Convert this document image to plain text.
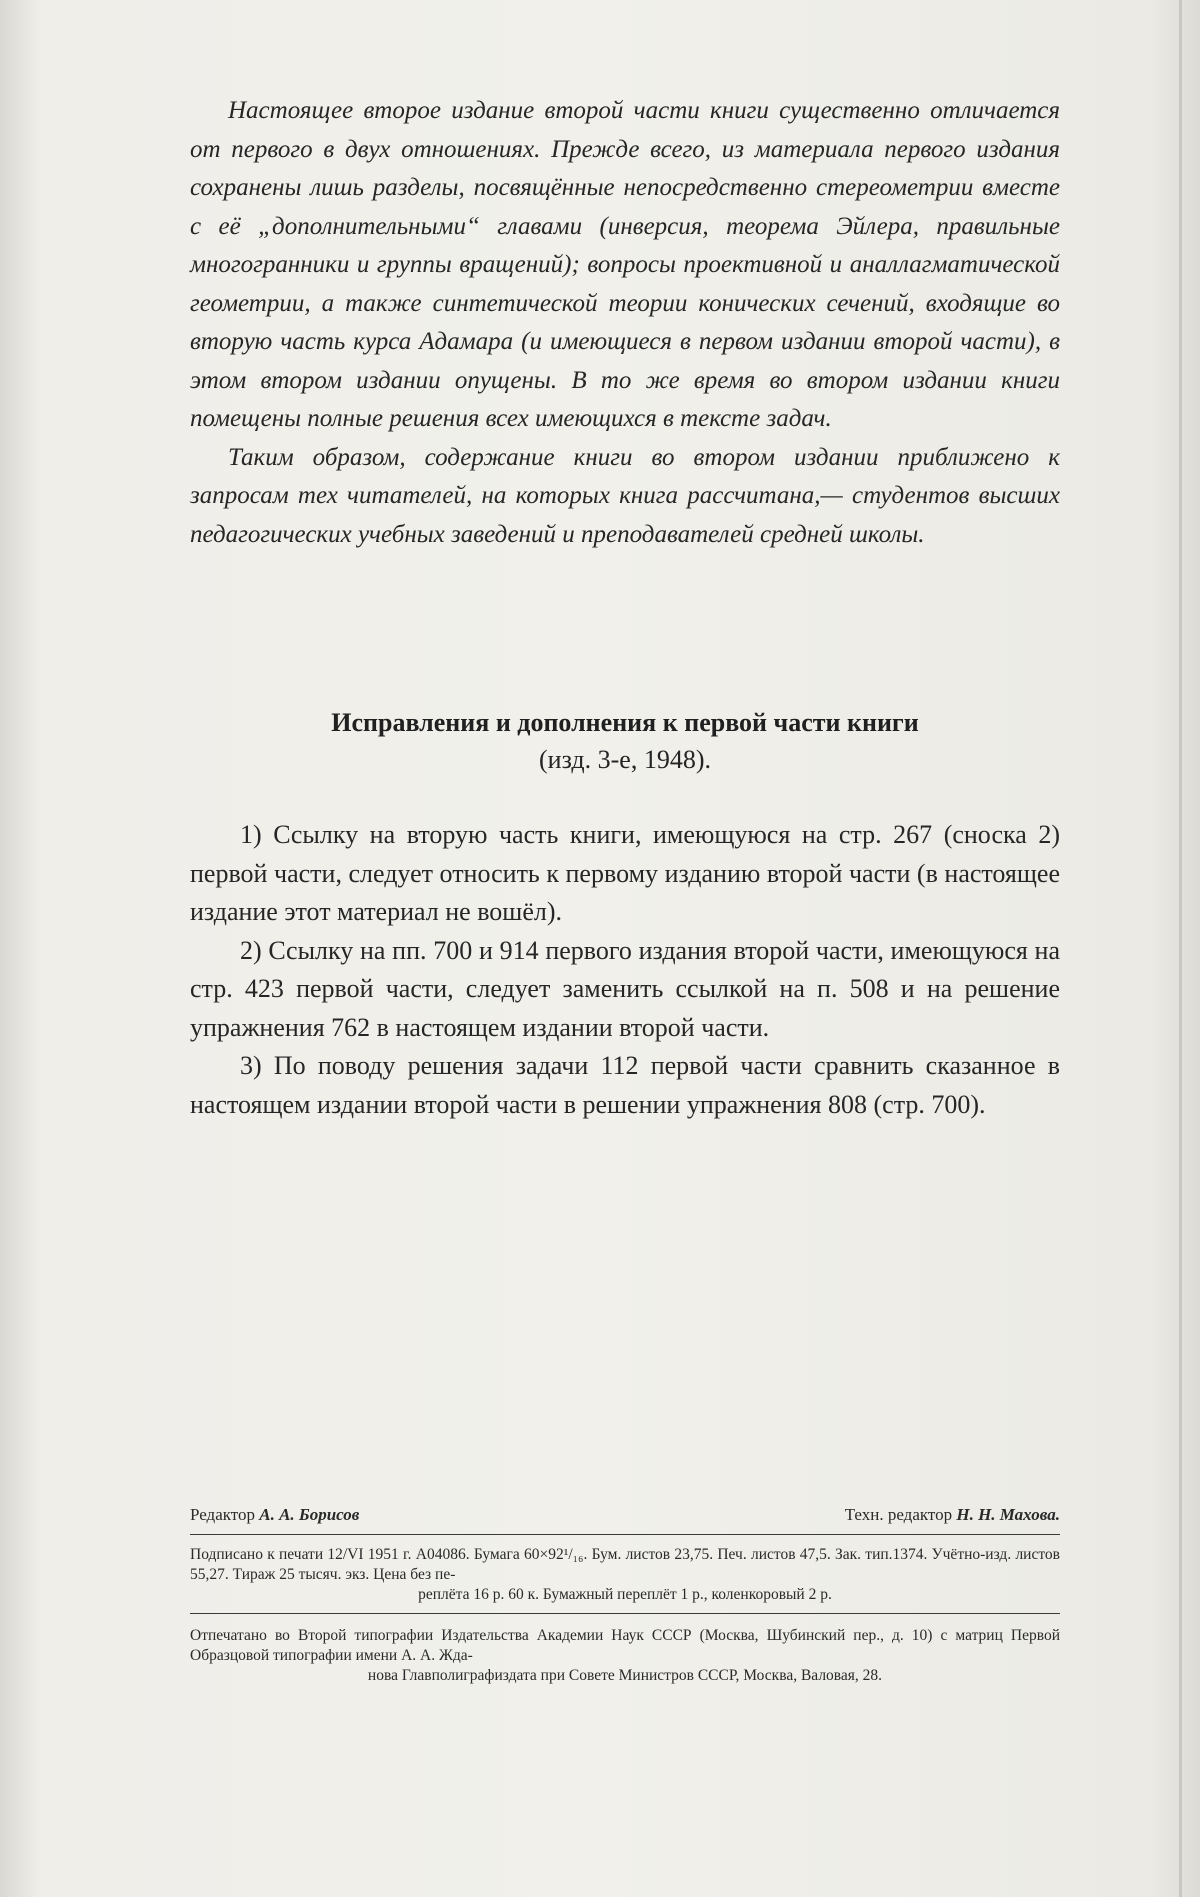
Настоящее второе издание второй части книги существенно отличается от первого в двух отношениях. Прежде всего, из материала первого издания сохранены лишь разделы, посвящённые непосредственно стереометрии вместе с её „дополнительными“ главами (инверсия, теорема Эйлера, правильные многогранники и группы вращений); вопросы проективной и аналлагматической геометрии, а также синтетической теории конических сечений, входящие во вторую часть курса Адамара (и имеющиеся в первом издании второй части), в этом втором издании опущены. В то же время во втором издании книги помещены полные решения всех имеющихся в тексте задач.

Таким образом, содержание книги во втором издании приближено к запросам тех читателей, на которых книга рассчитана,— студентов высших педагогических учебных заведений и преподавателей средней школы.

Исправления и дополнения к первой части книги
(изд. 3-е, 1948).

1) Ссылку на вторую часть книги, имеющуюся на стр. 267 (сноска 2) первой части, следует относить к первому изданию второй части (в настоящее издание этот материал не вошёл).

2) Ссылку на пп. 700 и 914 первого издания второй части, имеющуюся на стр. 423 первой части, следует заменить ссылкой на п. 508 и на решение упражнения 762 в настоящем издании второй части.

3) По поводу решения задачи 112 первой части сравнить сказанное в настоящем издании второй части в решении упражнения 808 (стр. 700).

Редактор А. А. Борисов	Техн. редактор Н. Н. Махова.
Подписано к печати 12/VI 1951 г. А04086. Бумага 60×92¹/₁₆. Бум. листов 23,75. Печ. листов 47,5. Зак. тип.1374. Учётно-изд. листов 55,27. Тираж 25 тысяч. экз. Цена без пе-
реплёта 16 р. 60 к. Бумажный переплёт 1 р., коленкоровый 2 р.
Отпечатано во Второй типографии Издательства Академии Наук СССР (Москва, Шубинский пер., д. 10) с матриц Первой Образцовой типографии имени А. А. Жда-
нова Главполиграфиздата при Совете Министров СССР, Москва, Валовая, 28.
